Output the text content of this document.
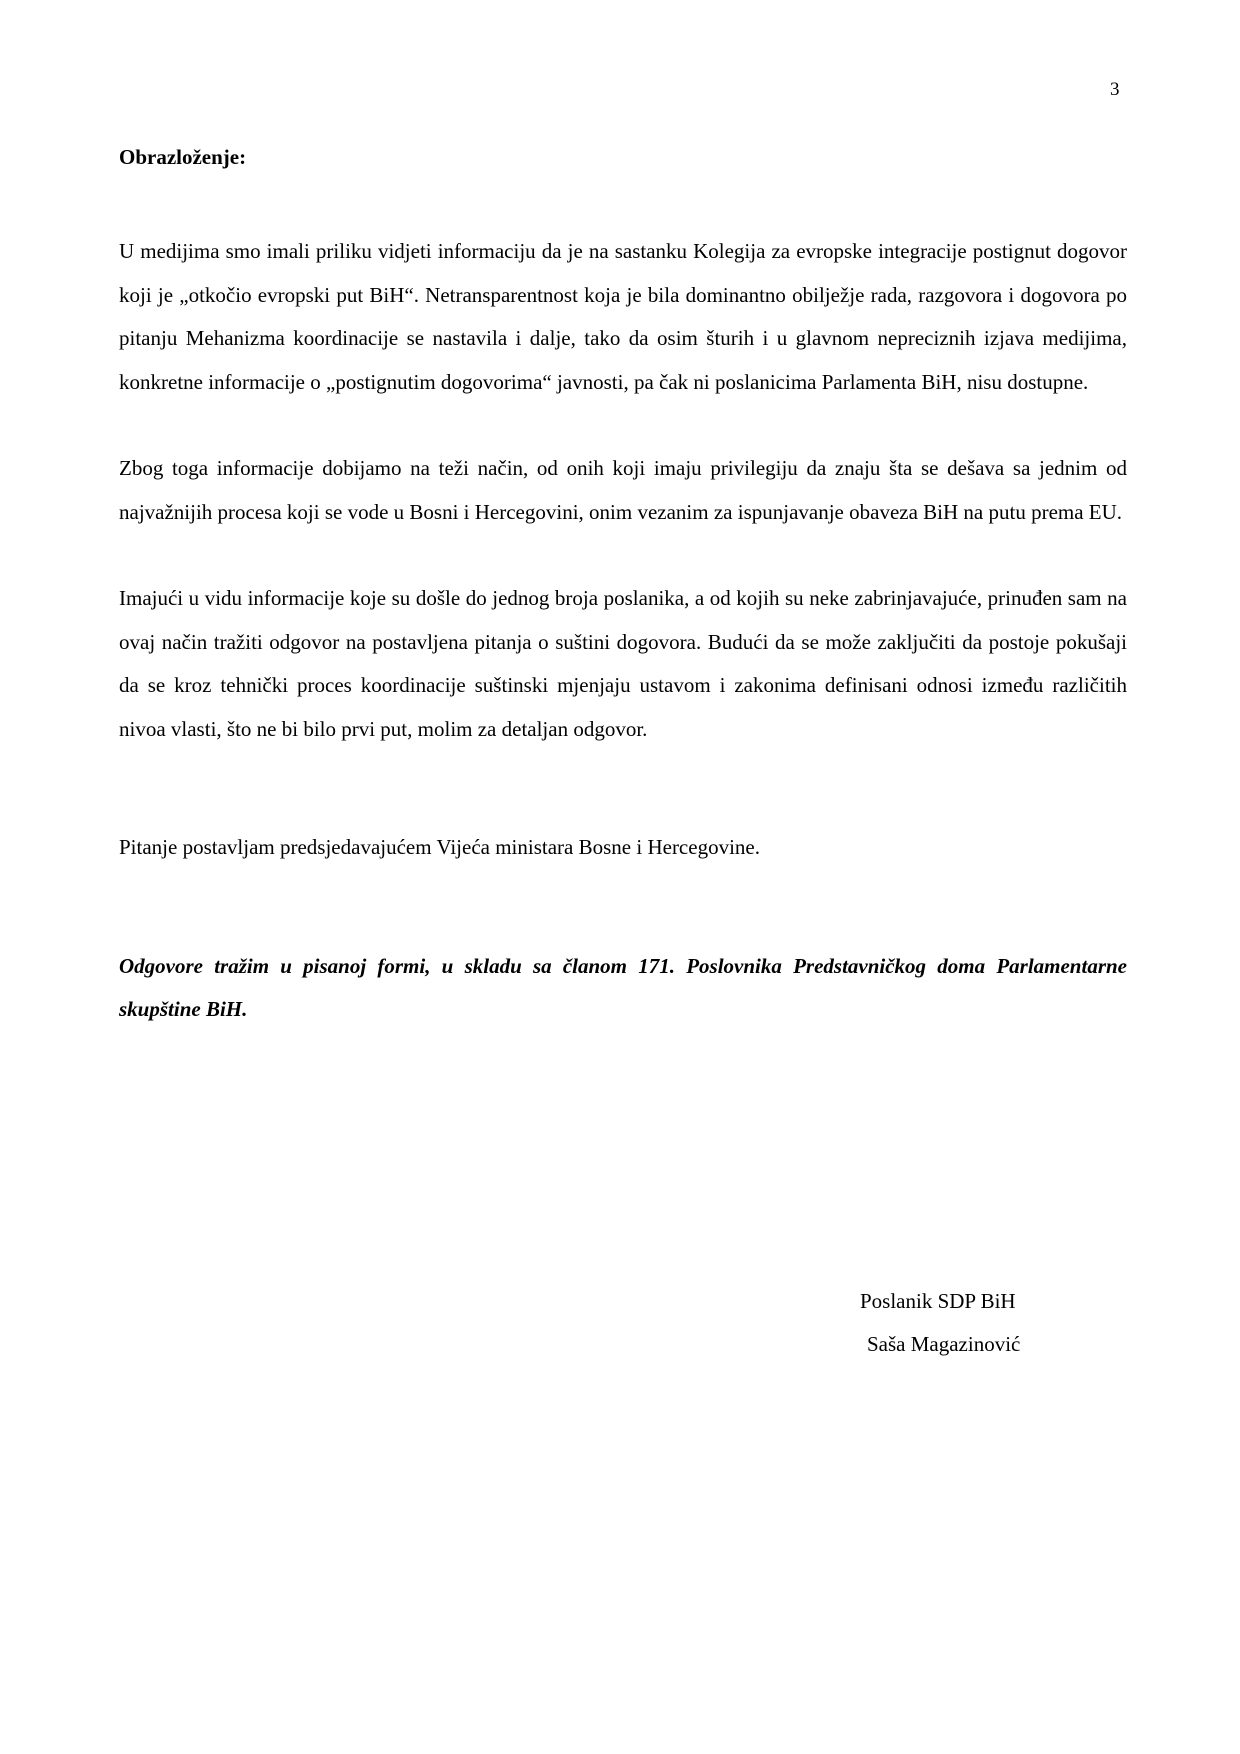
3

Obrazloženje:

U medijima smo imali priliku vidjeti informaciju da je na sastanku Kolegija za evropske integracije postignut dogovor koji je „otkočio evropski put BiH“. Netransparentnost koja je bila dominantno obilježje rada, razgovora i dogovora po pitanju Mehanizma koordinacije se nastavila i dalje, tako da osim šturih i u glavnom nepreciznih izjava medijima, konkretne informacije o „postignutim dogovorima“ javnosti, pa čak ni poslanicima Parlamenta BiH, nisu dostupne.

Zbog toga informacije dobijamo na teži način, od onih koji imaju privilegiju da znaju šta se dešava sa jednim od najvažnijih procesa koji se vode u Bosni i Hercegovini, onim vezanim za ispunjavanje obaveza BiH na putu prema EU.

Imajući u vidu informacije koje su došle do jednog broja poslanika, a od kojih su neke zabrinjavajuće, prinuđen sam na ovaj način tražiti odgovor na postavljena pitanja o suštini dogovora. Budući da se može zaključiti da postoje pokušaji da se kroz tehnički proces koordinacije suštinski mjenjaju ustavom i zakonima definisani odnosi između različitih nivoa vlasti, što ne bi bilo prvi put, molim za detaljan odgovor.

Pitanje postavljam predsjedavajućem Vijeća ministara Bosne i Hercegovine.

Odgovore tražim u pisanoj formi, u skladu sa članom 171. Poslovnika Predstavničkog doma Parlamentarne skupštine BiH.

Poslanik SDP BiH
Saša Magazinović
